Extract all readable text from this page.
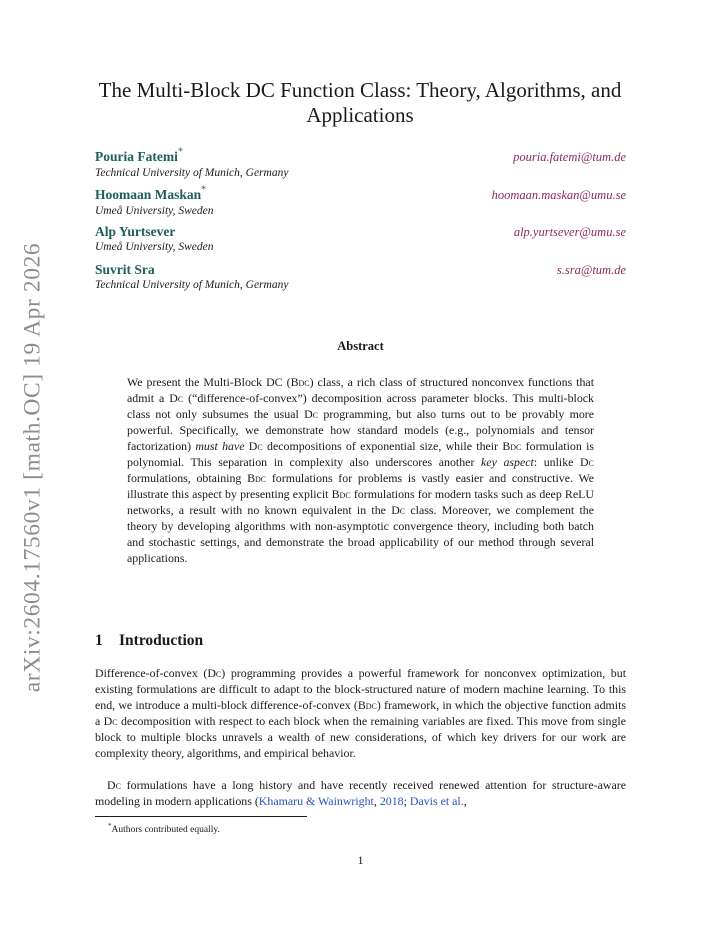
arXiv:2604.17560v1 [math.OC] 19 Apr 2026
The Multi-Block DC Function Class: Theory, Algorithms, and Applications
Pouria Fatemi*	pouria.fatemi@tum.de
Technical University of Munich, Germany
Hoomaan Maskan*	hoomaan.maskan@umu.se
Umeå University, Sweden
Alp Yurtsever	alp.yurtsever@umu.se
Umeå University, Sweden
Suvrit Sra	s.sra@tum.de
Technical University of Munich, Germany
Abstract

We present the Multi-Block DC (Bdc) class, a rich class of structured nonconvex functions that admit a Dc (“difference-of-convex”) decomposition across parameter blocks. This multi-block class not only subsumes the usual Dc programming, but also turns out to be provably more powerful. Specifically, we demonstrate how standard models (e.g., polynomials and tensor factorization) must have Dc decompositions of exponential size, while their Bdc formulation is polynomial. This separation in complexity also underscores another key aspect: unlike Dc formulations, obtaining Bdc formulations for problems is vastly easier and constructive. We illustrate this aspect by presenting explicit Bdc formulations for modern tasks such as deep ReLU networks, a result with no known equivalent in the Dc class. Moreover, we complement the theory by developing algorithms with non-asymptotic convergence theory, including both batch and stochastic settings, and demonstrate the broad applicability of our method through several applications.

1 Introduction

Difference-of-convex (Dc) programming provides a powerful framework for nonconvex optimization, but existing formulations are difficult to adapt to the block-structured nature of modern machine learning. To this end, we introduce a multi-block difference-of-convex (Bdc) framework, in which the objective function admits a Dc decomposition with respect to each block when the remaining variables are fixed. This move from single block to multiple blocks unravels a wealth of new considerations, of which key drivers for our work are complexity theory, algorithms, and empirical behavior.

Dc formulations have a long history and have recently received renewed attention for structure-aware modeling in modern applications (Khamaru & Wainwright, 2018; Davis et al.,

*Authors contributed equally.

1
